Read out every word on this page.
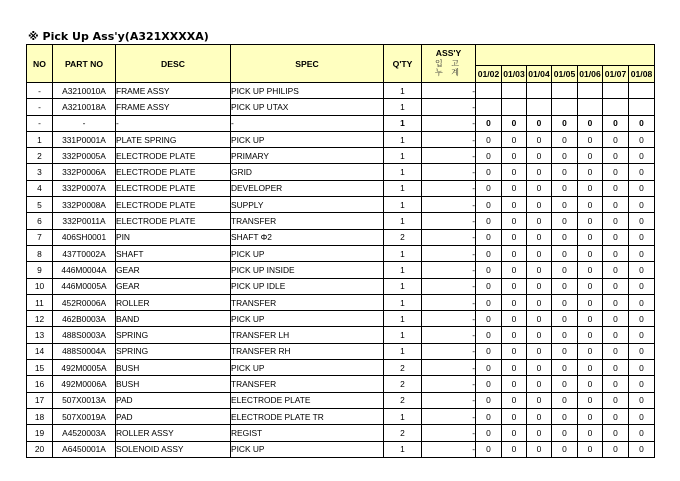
※ Pick Up Ass'y(A321XXXXA)
NO	PART NO	DESC	SPEC	Q'TY	ASS'Y
입 고
누 계							

						01/02	01/03	01/04	01/05	01/06	01/07	01/08
-	A3210010A	FRAME ASSY	PICK UP PHILIPS	1	-							
-	A3210018A	FRAME ASSY	PICK UP UTAX	1	-							
-	-	-	-	1	-	0	0	0	0	0	0	0
1	331P0001A	PLATE SPRING	PICK UP	1	-	0	0	0	0	0	0	0
2	332P0005A	ELECTRODE PLATE	PRIMARY	1	-	0	0	0	0	0	0	0
3	332P0006A	ELECTRODE PLATE	GRID	1	-	0	0	0	0	0	0	0
4	332P0007A	ELECTRODE PLATE	DEVELOPER	1	-	0	0	0	0	0	0	0
5	332P0008A	ELECTRODE PLATE	SUPPLY	1	-	0	0	0	0	0	0	0
6	332P0011A	ELECTRODE PLATE	TRANSFER	1	-	0	0	0	0	0	0	0
7	406SH0001	PIN	SHAFT Φ2	2	-	0	0	0	0	0	0	0
8	437T0002A	SHAFT	PICK UP	1	-	0	0	0	0	0	0	0
9	446M0004A	GEAR	PICK UP INSIDE	1	-	0	0	0	0	0	0	0
10	446M0005A	GEAR	PICK UP IDLE	1	-	0	0	0	0	0	0	0
11	452R0006A	ROLLER	TRANSFER	1	-	0	0	0	0	0	0	0
12	462B0003A	BAND	PICK UP	1	-	0	0	0	0	0	0	0
13	488S0003A	SPRING	TRANSFER LH	1	-	0	0	0	0	0	0	0
14	488S0004A	SPRING	TRANSFER RH	1	-	0	0	0	0	0	0	0
15	492M0005A	BUSH	PICK UP	2	-	0	0	0	0	0	0	0
16	492M0006A	BUSH	TRANSFER	2	-	0	0	0	0	0	0	0
17	507X0013A	PAD	ELECTRODE PLATE	2	-	0	0	0	0	0	0	0
18	507X0019A	PAD	ELECTRODE PLATE TR	1	-	0	0	0	0	0	0	0
19	A4520003A	ROLLER ASSY	REGIST	2	-	0	0	0	0	0	0	0
20	A6450001A	SOLENOID ASSY	PICK UP	1	-	0	0	0	0	0	0	0
